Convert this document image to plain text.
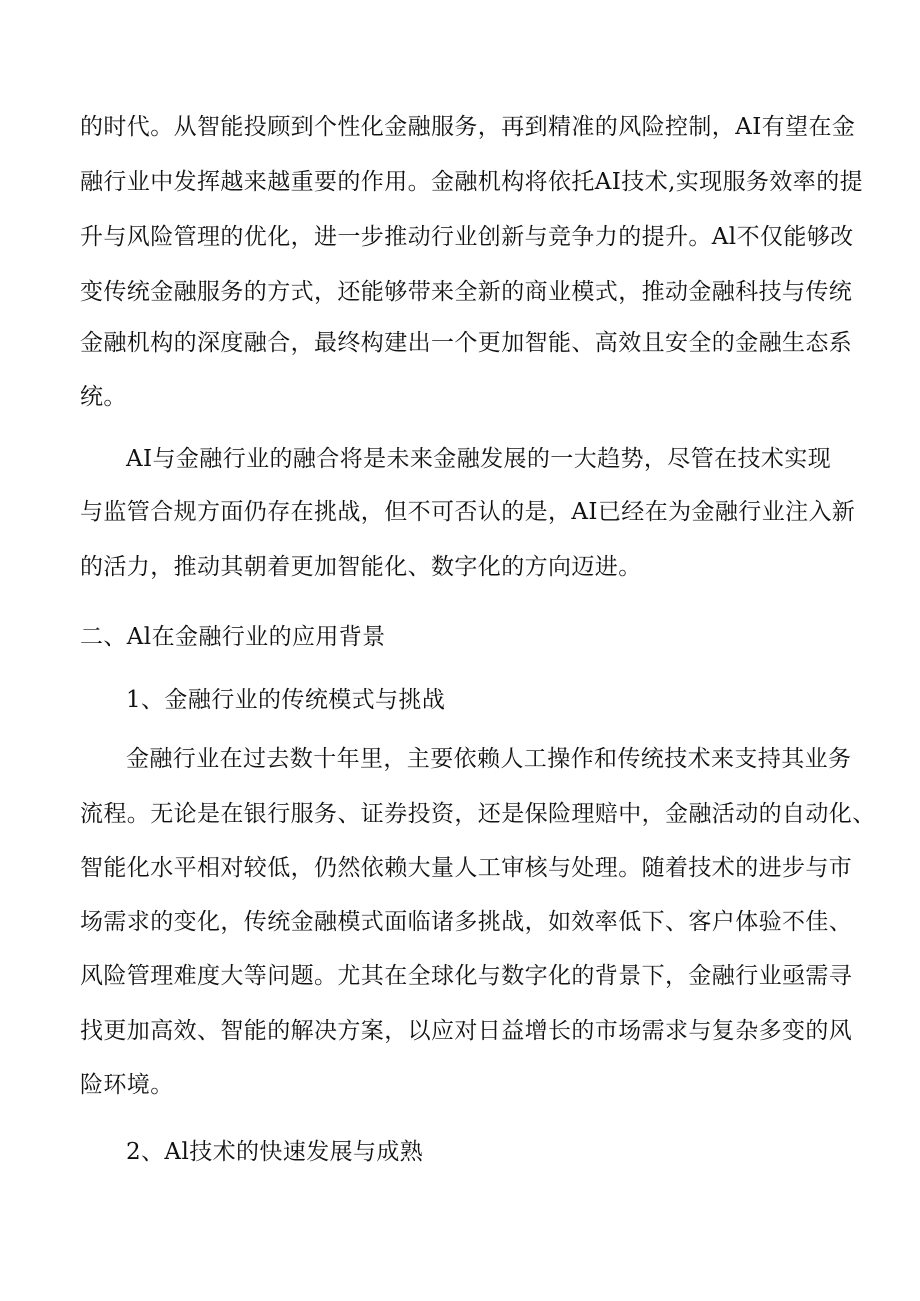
的时代。从智能投顾到个性化金融服务，再到精准的风险控制，AI有望在金
融行业中发挥越来越重要的作用。金融机构将依托AI技术,实现服务效率的提
升与风险管理的优化，进一步推动行业创新与竞争力的提升。Al不仅能够改
变传统金融服务的方式，还能够带来全新的商业模式，推动金融科技与传统
金融机构的深度融合，最终构建出一个更加智能、高效且安全的金融生态系
统。
AI与金融行业的融合将是未来金融发展的一大趋势，尽管在技术实现
与监管合规方面仍存在挑战，但不可否认的是，AI已经在为金融行业注入新
的活力，推动其朝着更加智能化、数字化的方向迈进。
二、Al在金融行业的应用背景
1、金融行业的传统模式与挑战
金融行业在过去数十年里，主要依赖人工操作和传统技术来支持其业务
流程。无论是在银行服务、证券投资，还是保险理赔中，金融活动的自动化、
智能化水平相对较低，仍然依赖大量人工审核与处理。随着技术的进步与市
场需求的变化，传统金融模式面临诸多挑战，如效率低下、客户体验不佳、
风险管理难度大等问题。尤其在全球化与数字化的背景下，金融行业亟需寻
找更加高效、智能的解决方案，以应对日益增长的市场需求与复杂多变的风
险环境。
2、Al技术的快速发展与成熟
